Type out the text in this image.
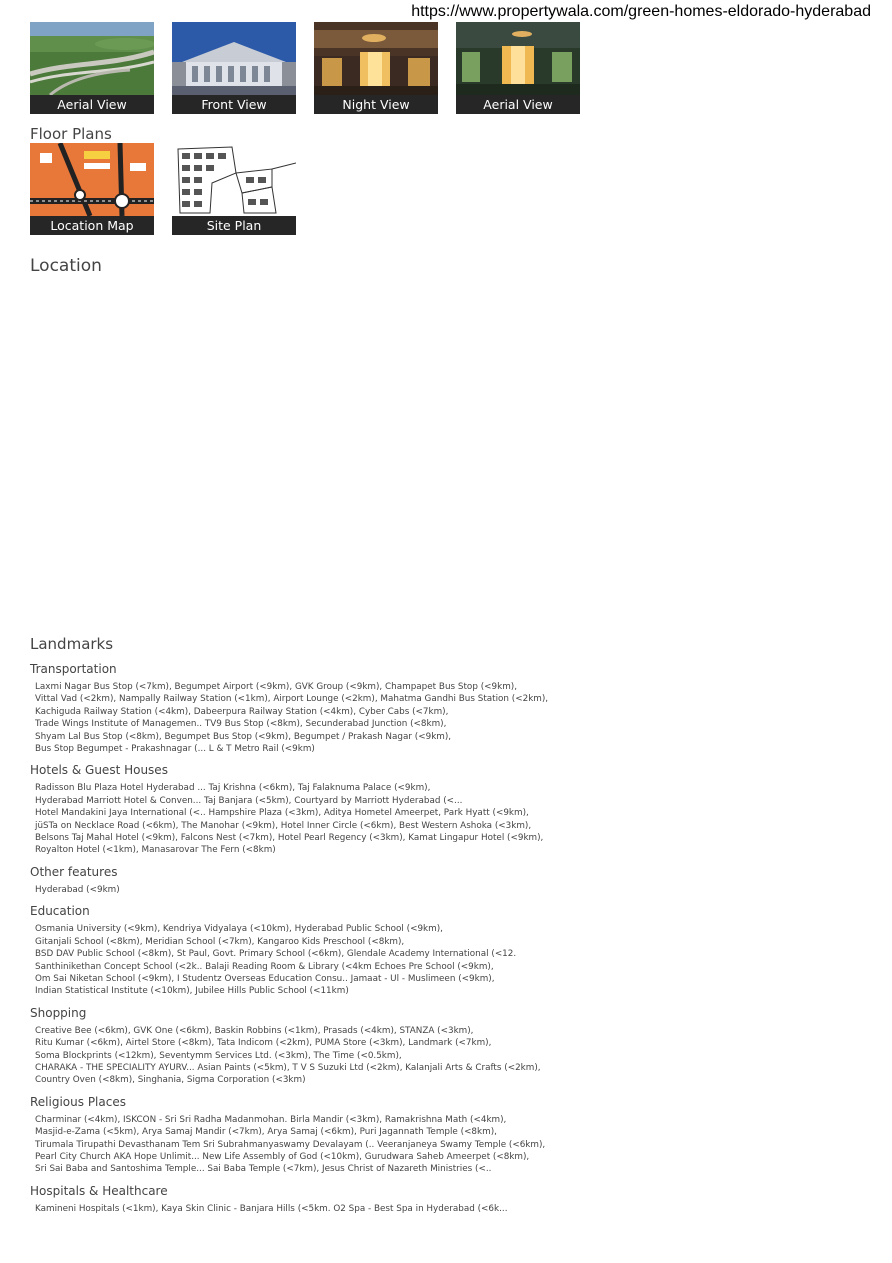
https://www.propertywala.com/green-homes-eldorado-hyderabad
Aerial View	Front View	Night View	Aerial View
Floor Plans
Location Map	Site Plan
Location
Landmarks
Transportation
Laxmi Nagar Bus Stop (<7km), Begumpet Airport (<9km), GVK Group (<9km), Champapet Bus Stop (<9km),
Vittal Vad (<2km), Nampally Railway Station (<1km), Airport Lounge (<2km), Mahatma Gandhi Bus Station (<2km),
Kachiguda Railway Station (<4km), Dabeerpura Railway Station (<4km), Cyber Cabs (<7km),
Trade Wings Institute of Managemen.. TV9 Bus Stop (<8km), Secunderabad Junction (<8km),
Shyam Lal Bus Stop (<8km), Begumpet Bus Stop (<9km), Begumpet / Prakash Nagar (<9km),
Bus Stop Begumpet - Prakashnagar (... L & T Metro Rail (<9km)
Hotels & Guest Houses
Radisson Blu Plaza Hotel Hyderabad ... Taj Krishna (<6km), Taj Falaknuma Palace (<9km),
Hyderabad Marriott Hotel & Conven... Taj Banjara (<5km), Courtyard by Marriott Hyderabad (<...
Hotel Mandakini Jaya International (<.. Hampshire Plaza (<3km), Aditya Hometel Ameerpet, Park Hyatt (<9km),
jüSTa on Necklace Road (<6km), The Manohar (<9km), Hotel Inner Circle (<6km), Best Western Ashoka (<3km),
Belsons Taj Mahal Hotel (<9km), Falcons Nest (<7km), Hotel Pearl Regency (<3km), Kamat Lingapur Hotel (<9km),
Royalton Hotel (<1km), Manasarovar The Fern (<8km)
Other features
Hyderabad (<9km)
Education
Osmania University (<9km), Kendriya Vidyalaya (<10km), Hyderabad Public School (<9km),
Gitanjali School (<8km), Meridian School (<7km), Kangaroo Kids Preschool (<8km),
BSD DAV Public School (<8km), St Paul, Govt. Primary School (<6km), Glendale Academy International (<12.
Santhinikethan Concept School (<2k.. Balaji Reading Room & Library (<4km Echoes Pre School (<9km),
Om Sai Niketan School (<9km), I Studentz Overseas Education Consu.. Jamaat - Ul - Muslimeen (<9km),
Indian Statistical Institute (<10km), Jubilee Hills Public School (<11km)
Shopping
Creative Bee (<6km), GVK One (<6km), Baskin Robbins (<1km), Prasads (<4km), STANZA (<3km),
Ritu Kumar (<6km), Airtel Store (<8km), Tata Indicom (<2km), PUMA Store (<3km), Landmark (<7km),
Soma Blockprints (<12km), Seventymm Services Ltd. (<3km), The Time (<0.5km),
CHARAKA - THE SPECIALITY AYURV... Asian Paints (<5km), T V S Suzuki Ltd (<2km), Kalanjali Arts & Crafts (<2km),
Country Oven (<8km), Singhania, Sigma Corporation (<3km)
Religious Places
Charminar (<4km), ISKCON - Sri Sri Radha Madanmohan. Birla Mandir (<3km), Ramakrishna Math (<4km),
Masjid-e-Zama (<5km), Arya Samaj Mandir (<7km), Arya Samaj (<6km), Puri Jagannath Temple (<8km),
Tirumala Tirupathi Devasthanam Tem Sri Subrahmanyaswamy Devalayam (.. Veeranjaneya Swamy Temple (<6km),
Pearl City Church AKA Hope Unlimit... New Life Assembly of God (<10km), Gurudwara Saheb Ameerpet (<8km),
Sri Sai Baba and Santoshima Temple... Sai Baba Temple (<7km), Jesus Christ of Nazareth Ministries (<..
Hospitals & Healthcare
Kamineni Hospitals (<1km), Kaya Skin Clinic - Banjara Hills (<5km. O2 Spa - Best Spa in Hyderabad (<6k...
